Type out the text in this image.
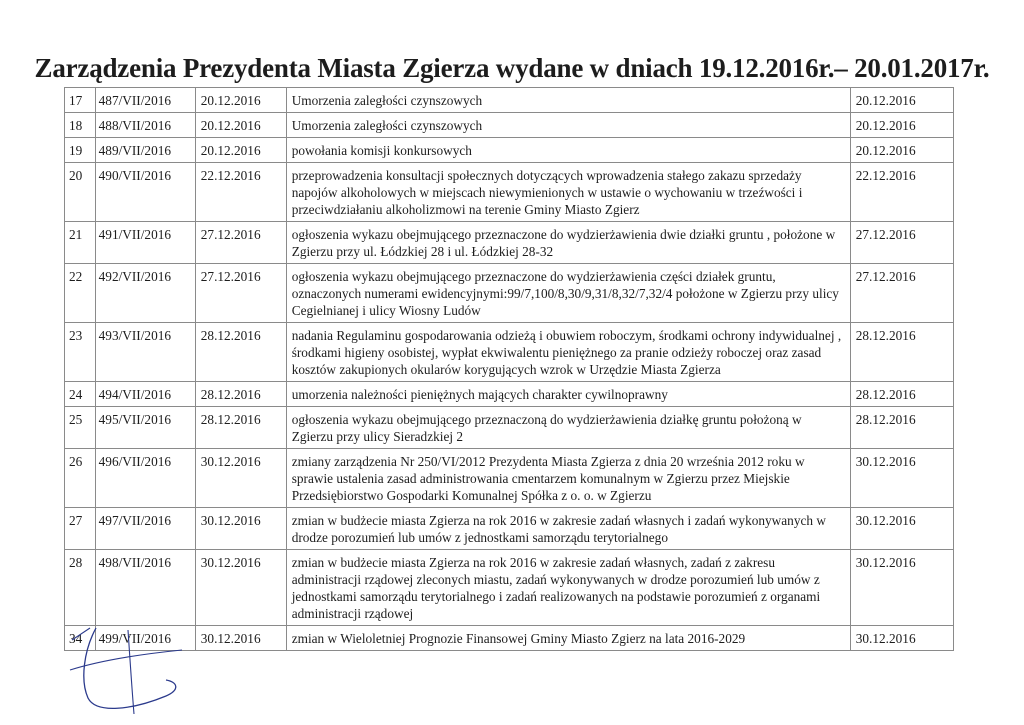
Zarządzenia Prezydenta Miasta Zgierza wydane w dniach 19.12.2016r.– 20.01.2017r.
17	487/VII/2016	20.12.2016	Umorzenia zaległości czynszowych	20.12.2016
18	488/VII/2016	20.12.2016	Umorzenia zaległości czynszowych	20.12.2016
19	489/VII/2016	20.12.2016	powołania komisji konkursowych	20.12.2016
20	490/VII/2016	22.12.2016	przeprowadzenia konsultacji społecznych dotyczących wprowadzenia stałego zakazu sprzedaży napojów alkoholowych w miejscach niewymienionych w ustawie o wychowaniu w trzeźwości i przeciwdziałaniu alkoholizmowi na terenie Gminy Miasto Zgierz	22.12.2016
21	491/VII/2016	27.12.2016	ogłoszenia wykazu obejmującego przeznaczone do wydzierżawienia dwie działki gruntu , położone w Zgierzu przy ul. Łódzkiej 28 i ul. Łódzkiej 28-32	27.12.2016
22	492/VII/2016	27.12.2016	ogłoszenia wykazu obejmującego przeznaczone do wydzierżawienia części działek gruntu, oznaczonych numerami ewidencyjnymi:99/7,100/8,30/9,31/8,32/7,32/4 położone w Zgierzu przy ulicy Cegielnianej i ulicy Wiosny Ludów	27.12.2016
23	493/VII/2016	28.12.2016	nadania Regulaminu gospodarowania odzieżą i obuwiem roboczym, środkami ochrony indywidualnej , środkami higieny osobistej, wypłat ekwiwalentu pieniężnego za pranie odzieży roboczej oraz zasad kosztów zakupionych okularów korygujących wzrok w Urzędzie Miasta Zgierza	28.12.2016
24	494/VII/2016	28.12.2016	umorzenia należności pieniężnych mających charakter cywilnoprawny	28.12.2016
25	495/VII/2016	28.12.2016	ogłoszenia wykazu obejmującego przeznaczoną do wydzierżawienia działkę gruntu położoną w Zgierzu przy ulicy Sieradzkiej 2	28.12.2016
26	496/VII/2016	30.12.2016	zmiany zarządzenia Nr 250/VI/2012 Prezydenta Miasta Zgierza z dnia 20 września 2012 roku w sprawie ustalenia zasad administrowania cmentarzem komunalnym w Zgierzu przez Miejskie Przedsiębiorstwo Gospodarki Komunalnej Spółka z o. o. w Zgierzu	30.12.2016
27	497/VII/2016	30.12.2016	zmian w budżecie miasta Zgierza na rok 2016 w zakresie zadań własnych i zadań wykonywanych w drodze porozumień lub umów z jednostkami samorządu terytorialnego	30.12.2016
28	498/VII/2016	30.12.2016	zmian w budżecie miasta Zgierza na rok 2016 w zakresie zadań własnych, zadań z zakresu administracji rządowej zleconych miastu, zadań wykonywanych w drodze porozumień lub umów z jednostkami samorządu terytorialnego i zadań realizowanych na podstawie porozumień z organami administracji rządowej	30.12.2016
34	499/VII/2016	30.12.2016	zmian w Wieloletniej Prognozie Finansowej Gminy Miasto Zgierz na lata 2016-2029	30.12.2016
